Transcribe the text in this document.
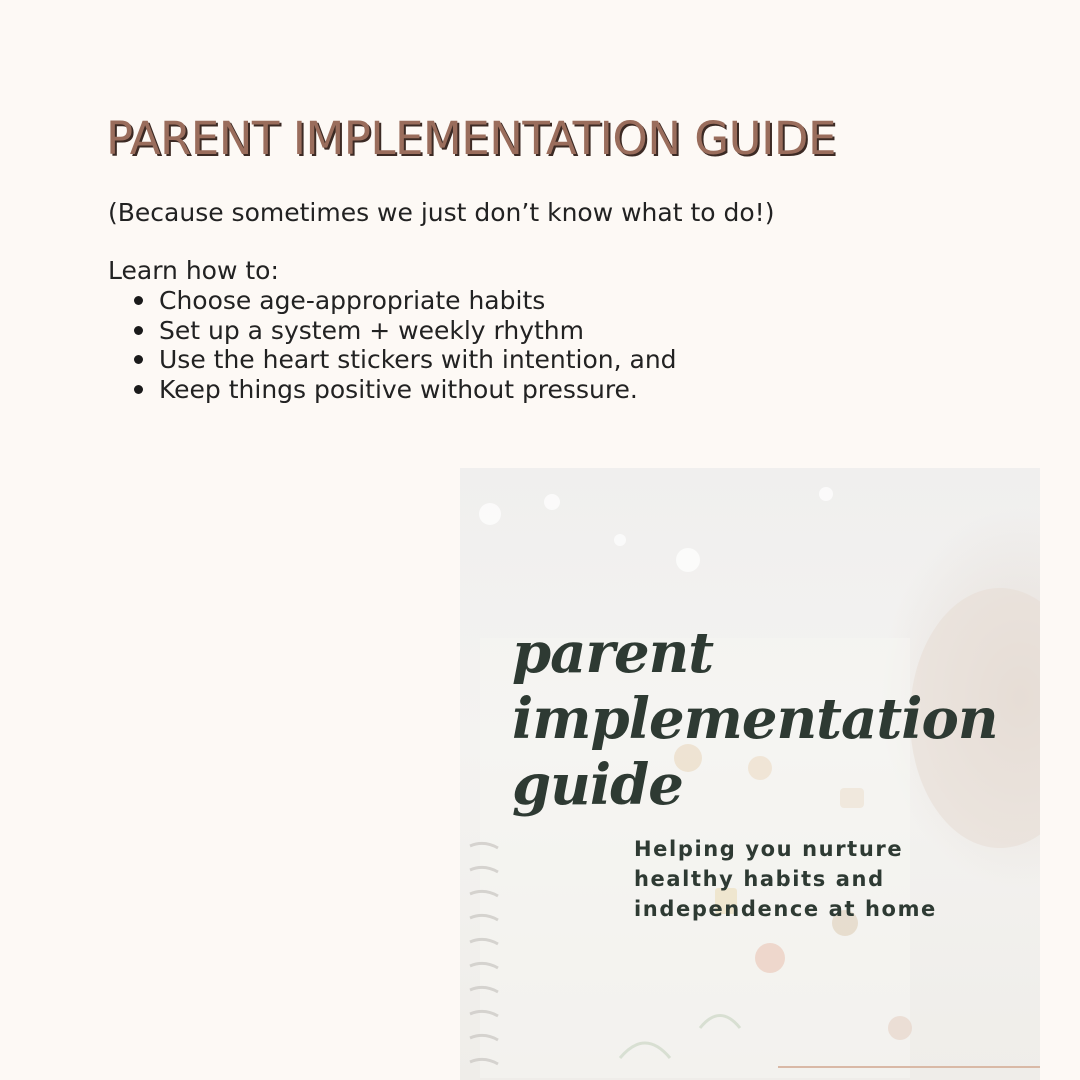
PARENT IMPLEMENTATION GUIDE

(Because sometimes we just don’t know what to do!)

Learn how to:

Choose age-appropriate habits
Set up a system + weekly rhythm
Use the heart stickers with intention, and
Keep things positive without pressure.
parent
implementation
guide

Helping you nurture
healthy habits and
independence at home
